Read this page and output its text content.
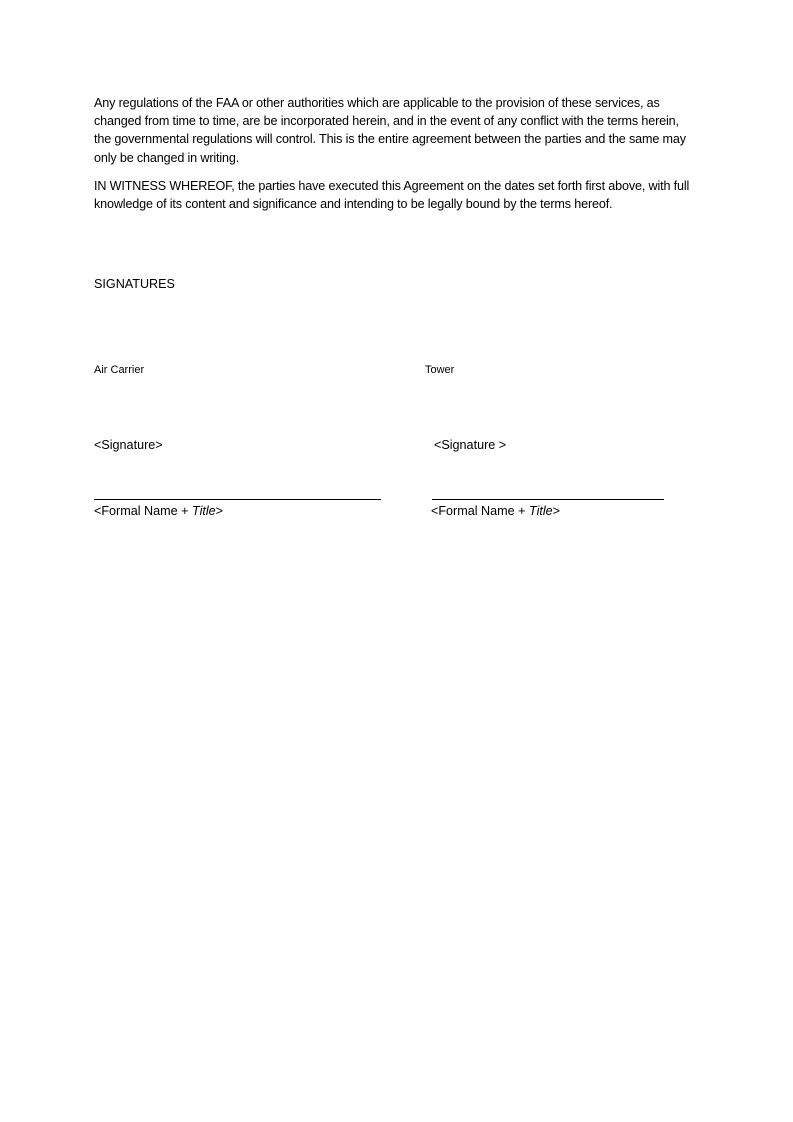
Any regulations of the FAA or other authorities which are applicable to the provision of these services, as changed from time to time, are be incorporated herein, and in the event of any conflict with the terms herein, the governmental regulations will control. This is the entire agreement between the parties and the same may only be changed in writing.

IN WITNESS WHEREOF, the parties have executed this Agreement on the dates set forth first above, with full knowledge of its content and significance and intending to be legally bound by the terms hereof.

SIGNATURES

Air Carrier	Tower
<Signature>	<Signature >
<Formal Name + Title>	<Formal Name + Title>
